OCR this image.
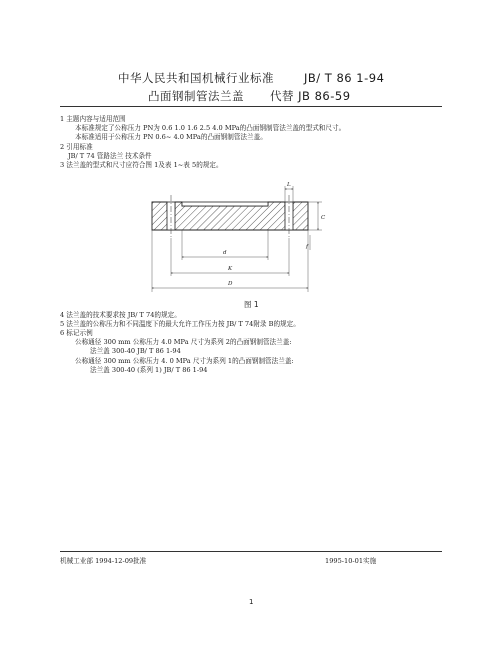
中华人民共和国机械行业标准	JB/ T 86 1-94
凸面钢制管法兰盖 代替 JB 86-59
1 主题内容与适用范围
本标准规定了公称压力 PN为 0.6 1.0 1.6 2.5 4.0 MPa的凸面钢制管法兰盖的型式和尺寸。
本标准适用于公称压力 PN 0.6~ 4.0 MPa的凸面钢制管法兰盖。
2 引用标准
JB/ T 74 管路法兰 技术条件
3 法兰盖的型式和尺寸应符合图 1及表 1~表 5的规定。
L
C
f
d
K
D
图 1
4 法兰盖的技术要求按 JB/ T 74的规定。
5 法兰盖的公称压力和不同温度下的最大允许工作压力按 JB/ T 74附录 B的规定。
6 标记示例
公称通径 300 mm 公称压力 4.0 MPa 尺寸为系列 2的凸面钢制管法兰盖:
法兰盖 300-40 JB/ T 86 1-94
公称通径 300 mm 公称压力 4. 0 MPa 尺寸为系列 1的凸面钢制管法兰盖:
法兰盖 300-40 (系列 1) JB/ T 86 1-94
机械工业部 1994-12-09批准	1995-10-01实施
1
